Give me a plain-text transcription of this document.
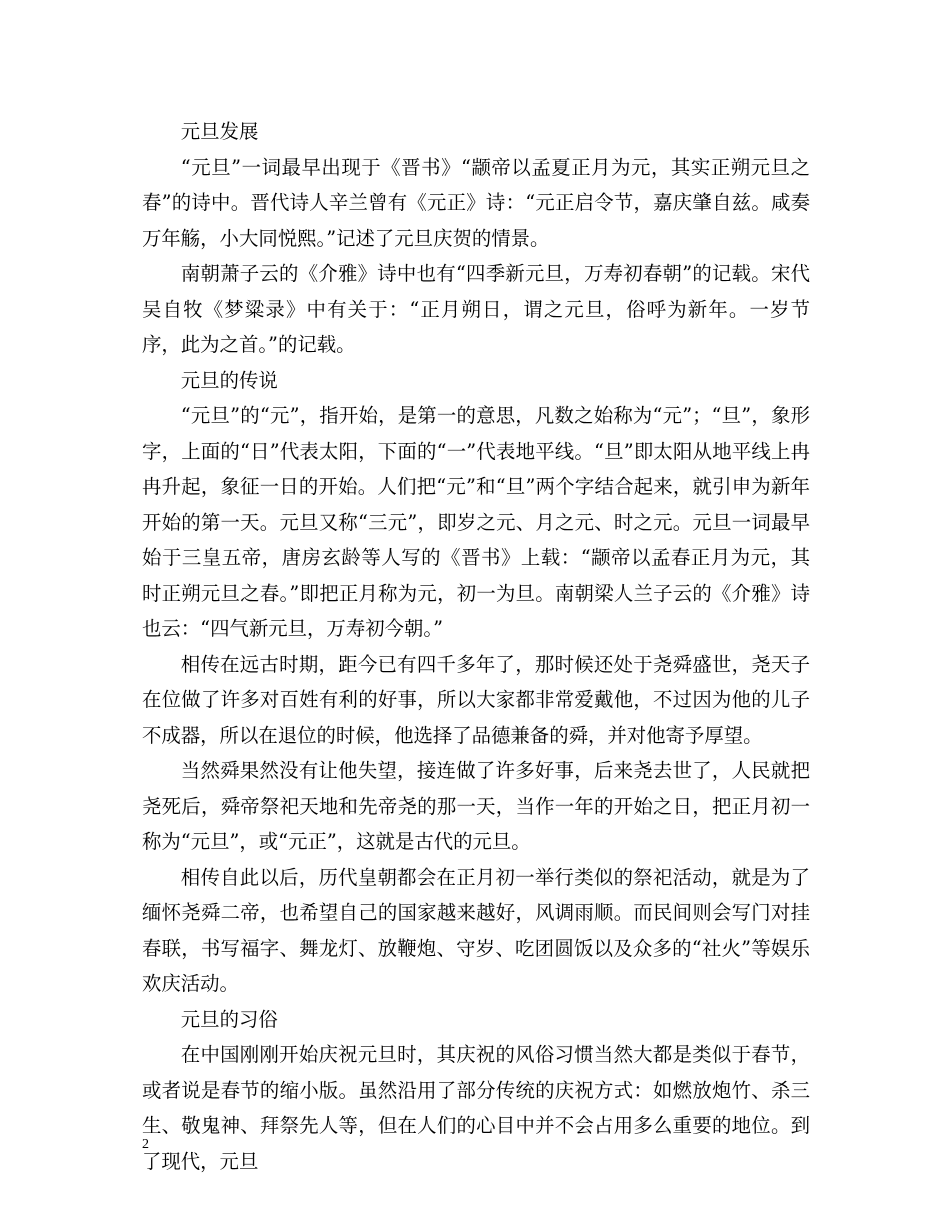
元旦发展

“元旦”一词最早出现于《晋书》“颛帝以孟夏正月为元，其实正朔元旦之春”的诗中。晋代诗人辛兰曾有《元正》诗：“元正启令节，嘉庆肇自兹。咸奏万年觞，小大同悦熙。”记述了元旦庆贺的情景。

南朝萧子云的《介雅》诗中也有“四季新元旦，万寿初春朝”的记载。宋代吴自牧《梦粱录》中有关于：“正月朔日，谓之元旦，俗呼为新年。一岁节序，此为之首。”的记载。

元旦的传说

“元旦”的“元”，指开始，是第一的意思，凡数之始称为“元”；“旦”，象形字，上面的“日”代表太阳，下面的“一”代表地平线。“旦”即太阳从地平线上冉冉升起，象征一日的开始。人们把“元”和“旦”两个字结合起来，就引申为新年开始的第一天。元旦又称“三元”，即岁之元、月之元、时之元。元旦一词最早始于三皇五帝，唐房玄龄等人写的《晋书》上载：“颛帝以孟春正月为元，其时正朔元旦之春。”即把正月称为元，初一为旦。南朝梁人兰子云的《介雅》诗也云：“四气新元旦，万寿初今朝。”

相传在远古时期，距今已有四千多年了，那时候还处于尧舜盛世，尧天子在位做了许多对百姓有利的好事，所以大家都非常爱戴他，不过因为他的儿子不成器，所以在退位的时候，他选择了品德兼备的舜，并对他寄予厚望。

当然舜果然没有让他失望，接连做了许多好事，后来尧去世了，人民就把尧死后，舜帝祭祀天地和先帝尧的那一天，当作一年的开始之日，把正月初一称为“元旦”，或“元正”，这就是古代的元旦。

相传自此以后，历代皇朝都会在正月初一举行类似的祭祀活动，就是为了缅怀尧舜二帝，也希望自己的国家越来越好，风调雨顺。而民间则会写门对挂春联，书写福字、舞龙灯、放鞭炮、守岁、吃团圆饭以及众多的“社火”等娱乐欢庆活动。

元旦的习俗

在中国刚刚开始庆祝元旦时，其庆祝的风俗习惯当然大都是类似于春节，或者说是春节的缩小版。虽然沿用了部分传统的庆祝方式：如燃放炮竹、杀三生、敬鬼神、拜祭先人等，但在人们的心目中并不会占用多么重要的地位。到了现代，元旦

2
